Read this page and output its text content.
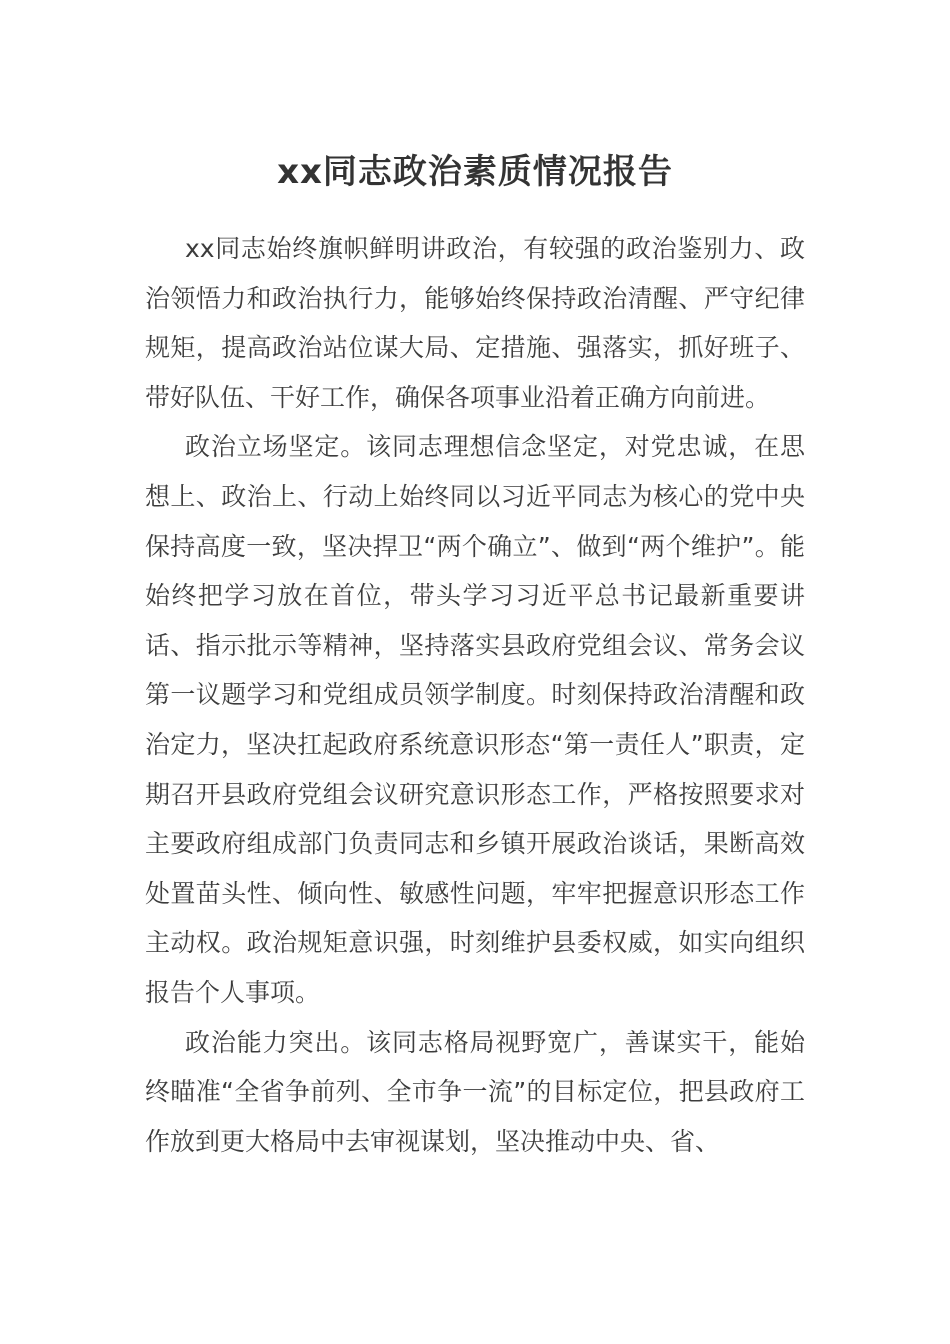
xx同志政治素质情况报告

xx同志始终旗帜鲜明讲政治，有较强的政治鉴别力、政治领悟力和政治执行力，能够始终保持政治清醒、严守纪律规矩，提高政治站位谋大局、定措施、强落实，抓好班子、带好队伍、干好工作，确保各项事业沿着正确方向前进。

政治立场坚定。该同志理想信念坚定，对党忠诚，在思想上、政治上、行动上始终同以习近平同志为核心的党中央保持高度一致，坚决捍卫“两个确立”、做到“两个维护”。能始终把学习放在首位，带头学习习近平总书记最新重要讲话、指示批示等精神，坚持落实县政府党组会议、常务会议第一议题学习和党组成员领学制度。时刻保持政治清醒和政治定力，坚决扛起政府系统意识形态“第一责任人”职责，定期召开县政府党组会议研究意识形态工作，严格按照要求对主要政府组成部门负责同志和乡镇开展政治谈话，果断高效处置苗头性、倾向性、敏感性问题，牢牢把握意识形态工作主动权。政治规矩意识强，时刻维护县委权威，如实向组织报告个人事项。

政治能力突出。该同志格局视野宽广，善谋实干，能始终瞄准“全省争前列、全市争一流”的目标定位，把县政府工作放到更大格局中去审视谋划，坚决推动中央、省、
